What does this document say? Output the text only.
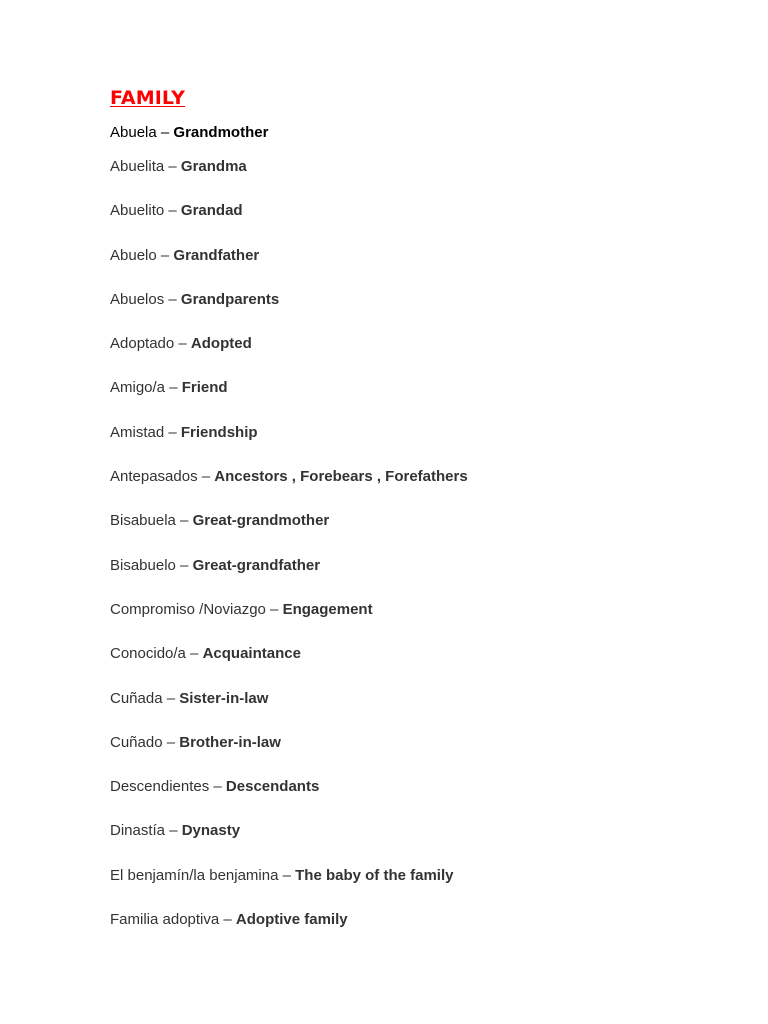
FAMILY
Abuela – Grandmother
Abuelita – Grandma
Abuelito – Grandad
Abuelo – Grandfather
Abuelos – Grandparents
Adoptado – Adopted
Amigo/a – Friend
Amistad – Friendship
Antepasados – Ancestors , Forebears , Forefathers
Bisabuela – Great-grandmother
Bisabuelo – Great-grandfather
Compromiso /Noviazgo – Engagement
Conocido/a – Acquaintance
Cuñada – Sister-in-law
Cuñado – Brother-in-law
Descendientes – Descendants
Dinastía – Dynasty
El benjamín/la benjamina – The baby of the family
Familia adoptiva – Adoptive family
